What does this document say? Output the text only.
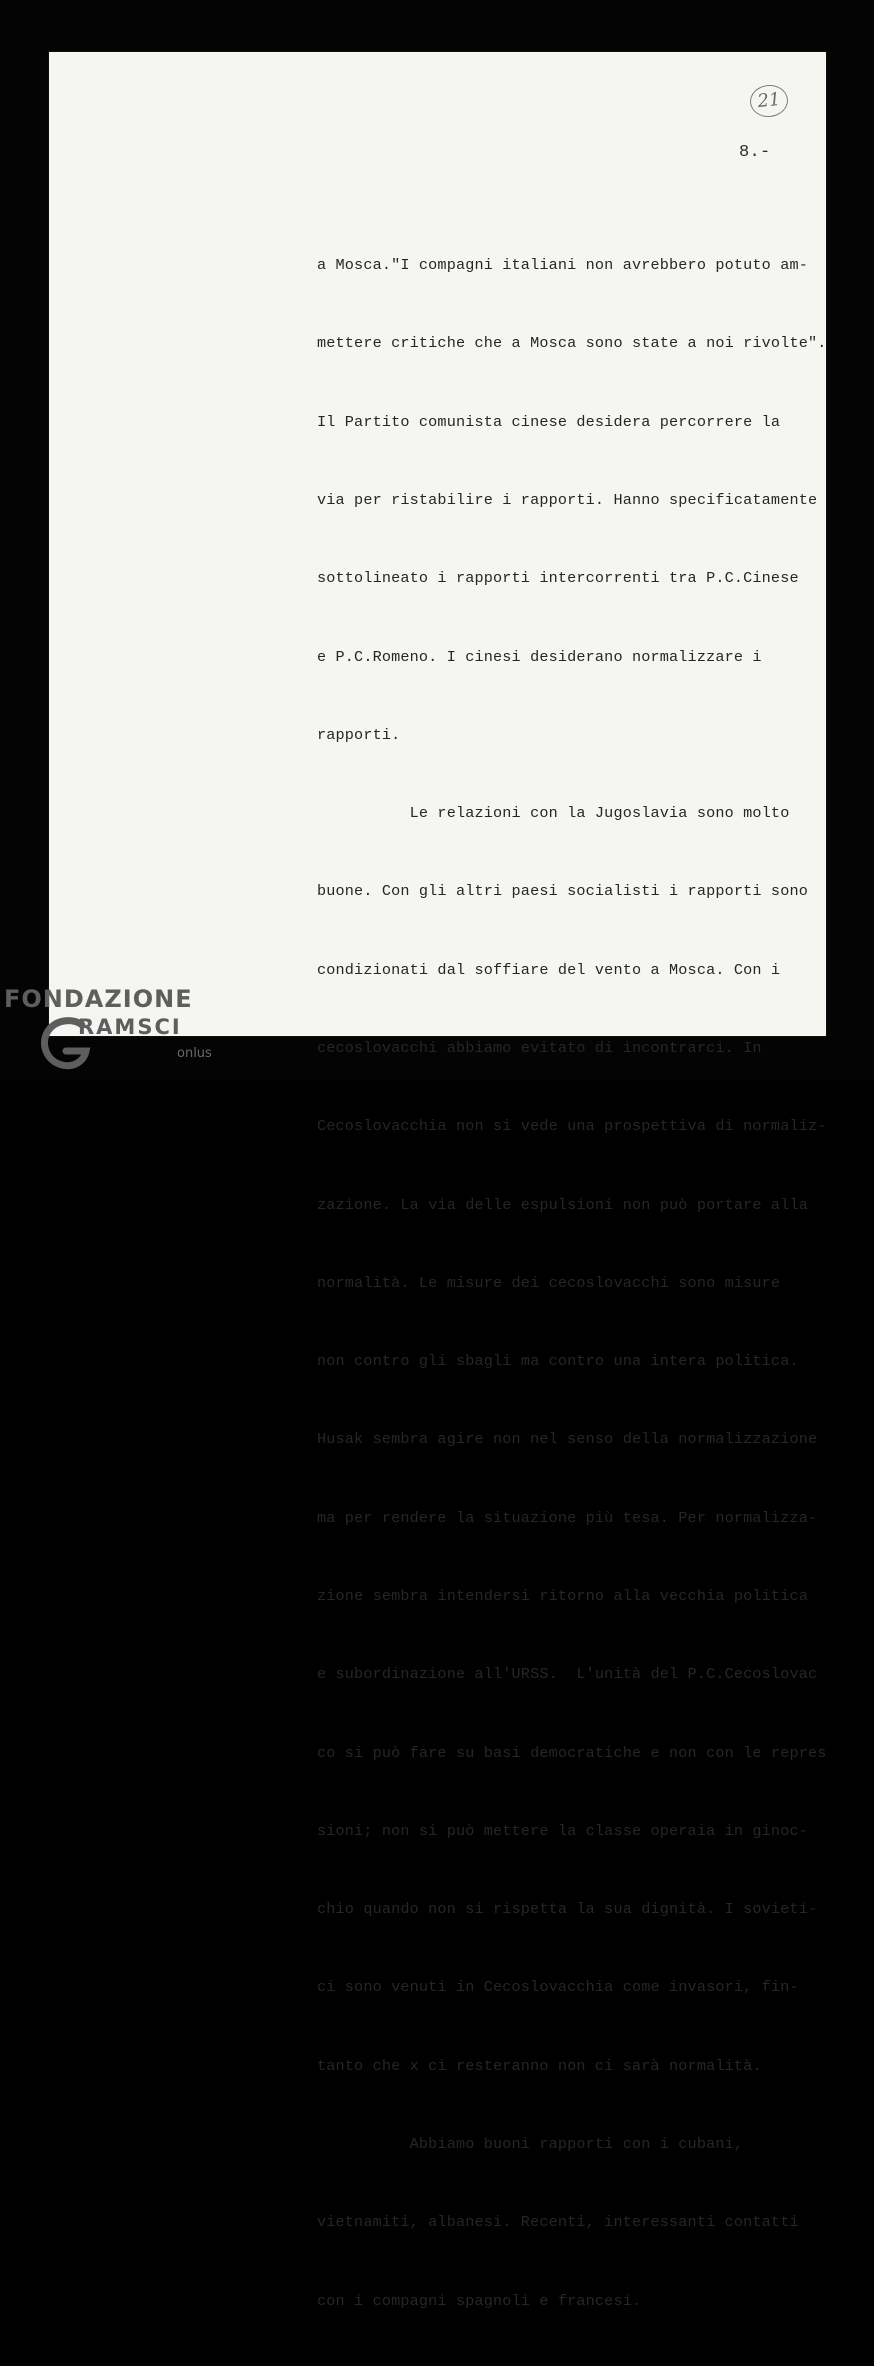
21
8.-

a Mosca."I compagni italiani non avrebbero potuto am-

mettere critiche che a Mosca sono state a noi rivolte".

Il Partito comunista cinese desidera percorrere la

via per ristabilire i rapporti. Hanno specificatamente

sottolineato i rapporti intercorrenti tra P.C.Cinese

e P.C.Romeno. I cinesi desiderano normalizzare i

rapporti.

Le relazioni con la Jugoslavia sono molto

buone. Con gli altri paesi socialisti i rapporti sono

condizionati dal soffiare del vento a Mosca. Con i

cecoslovacchi abbiamo evitato di incontrarci. In

Cecoslovacchia non si vede una prospettiva di normaliz-

zazione. La via delle espulsioni non può portare alla

normalità. Le misure dei cecoslovacchi sono misure

non contro gli sbagli ma contro una intera politica.

Husak sembra agire non nel senso della normalizzazione

ma per rendere la situazione più tesa. Per normalizza-

zione sembra intendersi ritorno alla vecchia politica

e subordinazione all'URSS.  L'unità del P.C.Cecoslovac

co si può fare su basi democratiche e non con le repres

sioni; non si può mettere la classe operaia in ginoc-

chio quando non si rispetta la sua dignità. I sovieti-

ci sono venuti in Cecoslovacchia come invasori, fin-

tanto che x ci resteranno non ci sarà normalità.

Abbiamo buoni rapporti con i cubani,

vietnamiti, albanesi. Recenti, interessanti contatti

con i compagni spagnoli e francesi.

FONDAZIONE
RAMSCI
onlus
